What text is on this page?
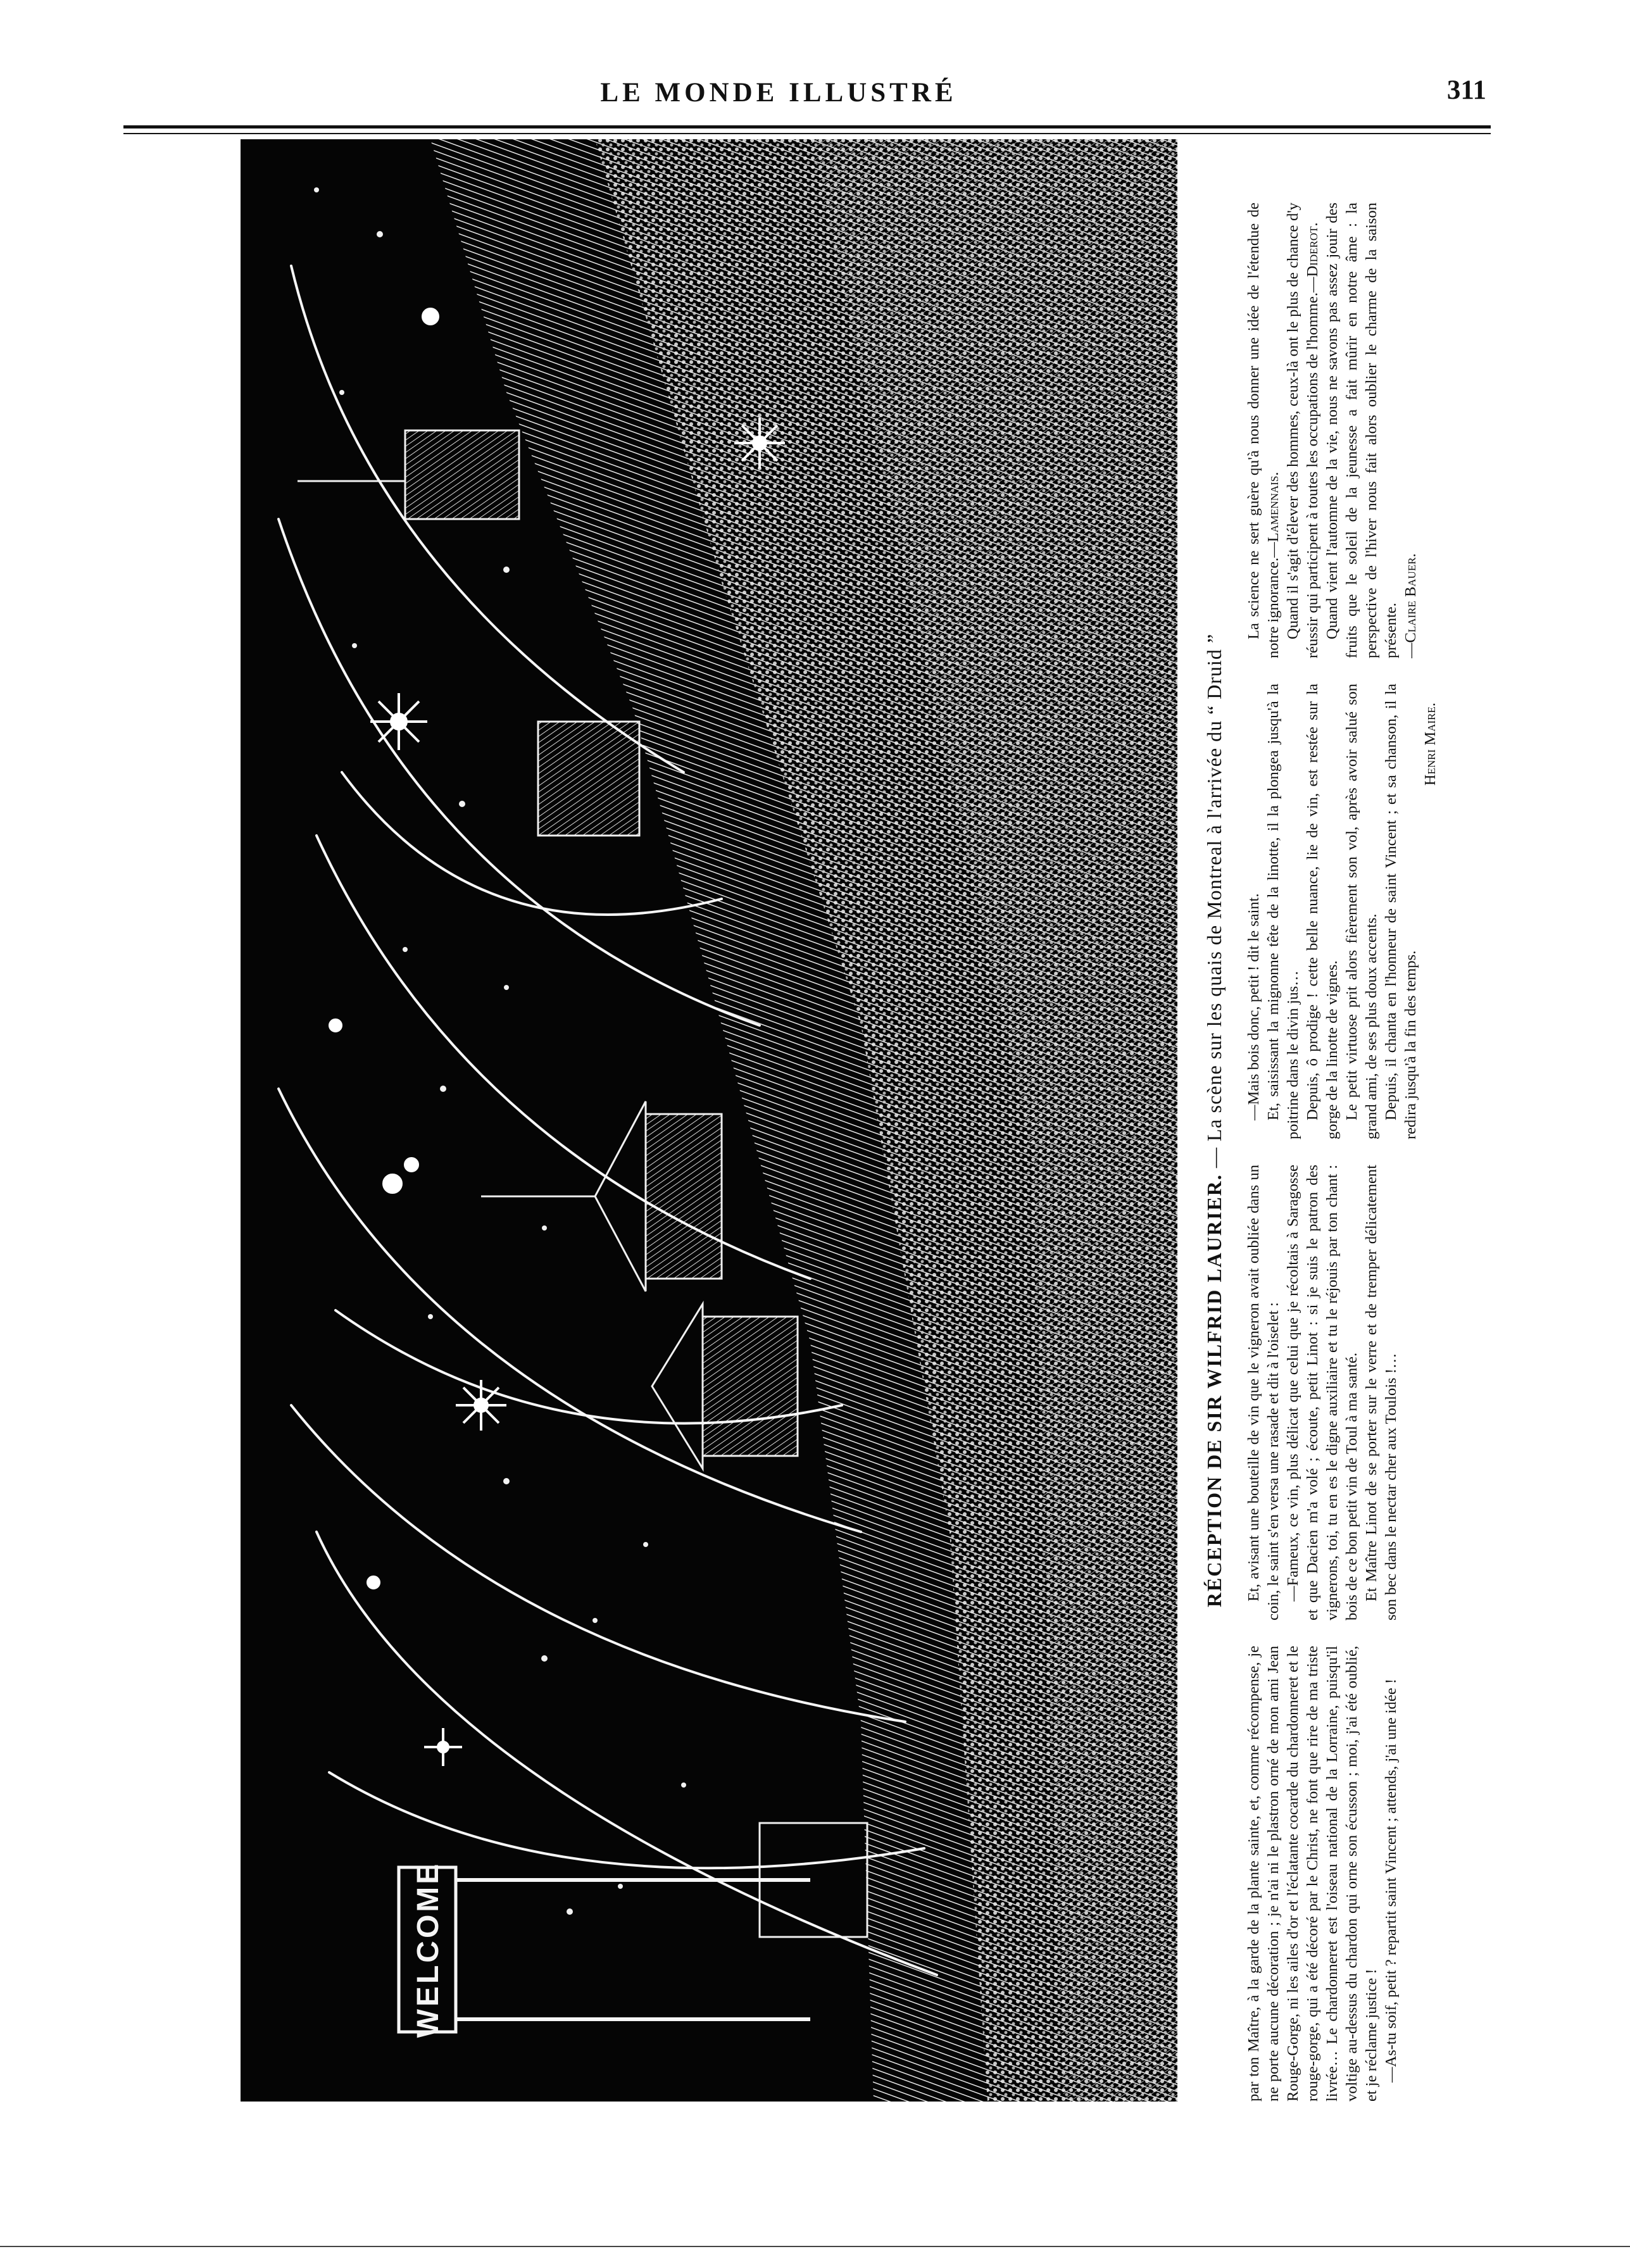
LE MONDE ILLUSTRÉ	311
WELCOME
RÉCEPTION DE SIR WILFRID LAURIER. — La scène sur les quais de Montreal à l'arrivée du “ Druid ”

par ton Maître, à la garde de la plante sainte, et, comme récompense, je ne porte aucune décoration ; je n'ai ni le plastron orné de mon ami Jean Rouge-Gorge, ni les ailes d'or et l'éclatante cocarde du chardonneret et le rouge-gorge, qui a été décoré par le Christ, ne font que rire de ma triste livrée… Le chardonneret est l'oiseau national de la Lorraine, puisqu'il voltige au-dessus du chardon qui orne son écusson ; moi, j'ai été oublié, et je réclame justice ! —As-tu soif, petit ? repartit saint Vincent ; attends, j'ai une idée !

Et, avisant une bouteille de vin que le vigneron avait oubliée dans un coin, le saint s'en versa une rasade et dit à l'oiselet : —Fameux, ce vin, plus délicat que celui que je récoltais à Saragosse et que Dacien m'a volé ; écoute, petit Linot : si je suis le patron des vignerons, toi, tu en es le digne auxiliaire et tu le réjouis par ton chant : bois de ce bon petit vin de Toul à ma santé. Et Maître Linot de se porter sur le verre et de tremper délicatement son bec dans le nectar cher aux Toulois !…

—Mais bois donc, petit ! dit le saint. Et, saisissant la mignonne tête de la linotte, il la plongea jusqu'à la poitrine dans le divin jus… Depuis, ô prodige ! cette belle nuance, lie de vin, est restée sur la gorge de la linotte de vignes. Le petit virtuose prit alors fièrement son vol, après avoir salué son grand ami, de ses plus doux accents. Depuis, il chanta en l'honneur de saint Vincent ; et sa chanson, il la redira jusqu'à la fin des temps.

Henri Maire.

La science ne sert guère qu'à nous donner une idée de l'étendue de notre ignorance.—Lamennais. Quand il s'agit d'élever des hommes, ceux-là ont le plus de chance d'y réussir qui participent à toutes les occupations de l'homme.—Diderot. Quand vient l'automne de la vie, nous ne savons pas assez jouir des fruits que le soleil de la jeunesse a fait mûrir en notre âme : la perspective de l'hiver nous fait alors oublier le charme de la saison présente. —Claire Bauer.
